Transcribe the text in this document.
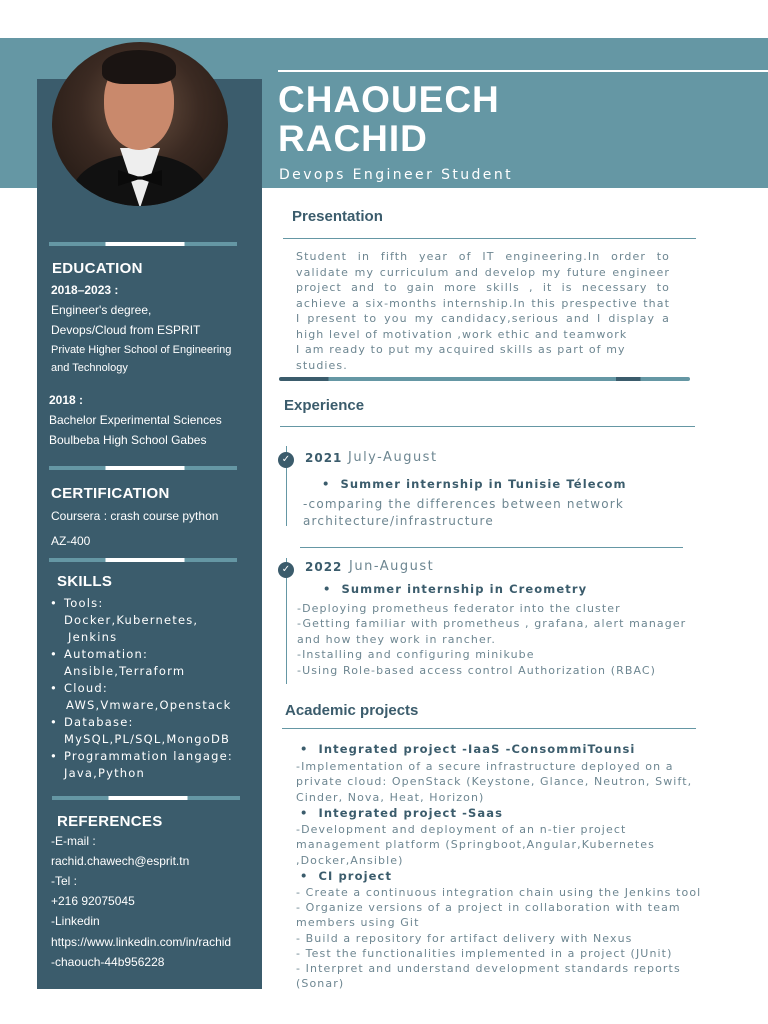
CHAOUECH
RACHID
Devops Engineer Student
EDUCATION
2018–2023 :
Engineer's degree,
Devops/Cloud from ESPRIT
Private Higher School of Engineering
and Technology
2018 :
Bachelor Experimental Sciences
Boulbeba High School Gabes
CERTIFICATION
Coursera : crash course python
AZ-400
SKILLS
• Tools:
Docker,Kubernetes,
Jenkins
• Automation:
Ansible,Terraform
• Cloud:
AWS,Vmware,Openstack
• Database:
MySQL,PL/SQL,MongoDB
• Programmation langage:
Java,Python
REFERENCES
-E-mail :
rachid.chawech@esprit.tn
-Tel :
+216 92075045
-Linkedin
https://www.linkedin.com/in/rachid
-chaouch-44b956228
Presentation
Student in fifth year of IT engineering.In order to validate my curriculum and develop my future engineer project and to gain more skills , it is necessary to achieve a six-months internship.In this prespective that I present to you my candidacy,serious and I display a high level of motivation ,work ethic and teamwork
I am ready to put my acquired skills as part of my studies.
Experience
✓	2021 July-August
• Summer internship in Tunisie Télecom
-comparing the differences between network
architecture/infrastructure
✓	2022 Jun-August
• Summer internship in Creometry
-Deploying prometheus federator into the cluster
-Getting familiar with prometheus , grafana, alert manager
and how they work in rancher.
-Installing and configuring minikube
-Using Role-based access control Authorization (RBAC)
Academic projects
• Integrated project -IaaS -ConsommiTounsi
-Implementation of a secure infrastructure deployed on a
private cloud: OpenStack (Keystone, Glance, Neutron, Swift,
Cinder, Nova, Heat, Horizon)
• Integrated project -Saas
-Development and deployment of an n-tier project
management platform (Springboot,Angular,Kubernetes
,Docker,Ansible)
• CI project
- Create a continuous integration chain using the Jenkins tool
- Organize versions of a project in collaboration with team
members using Git
- Build a repository for artifact delivery with Nexus
- Test the functionalities implemented in a project (JUnit)
- Interpret and understand development standards reports
(Sonar)
